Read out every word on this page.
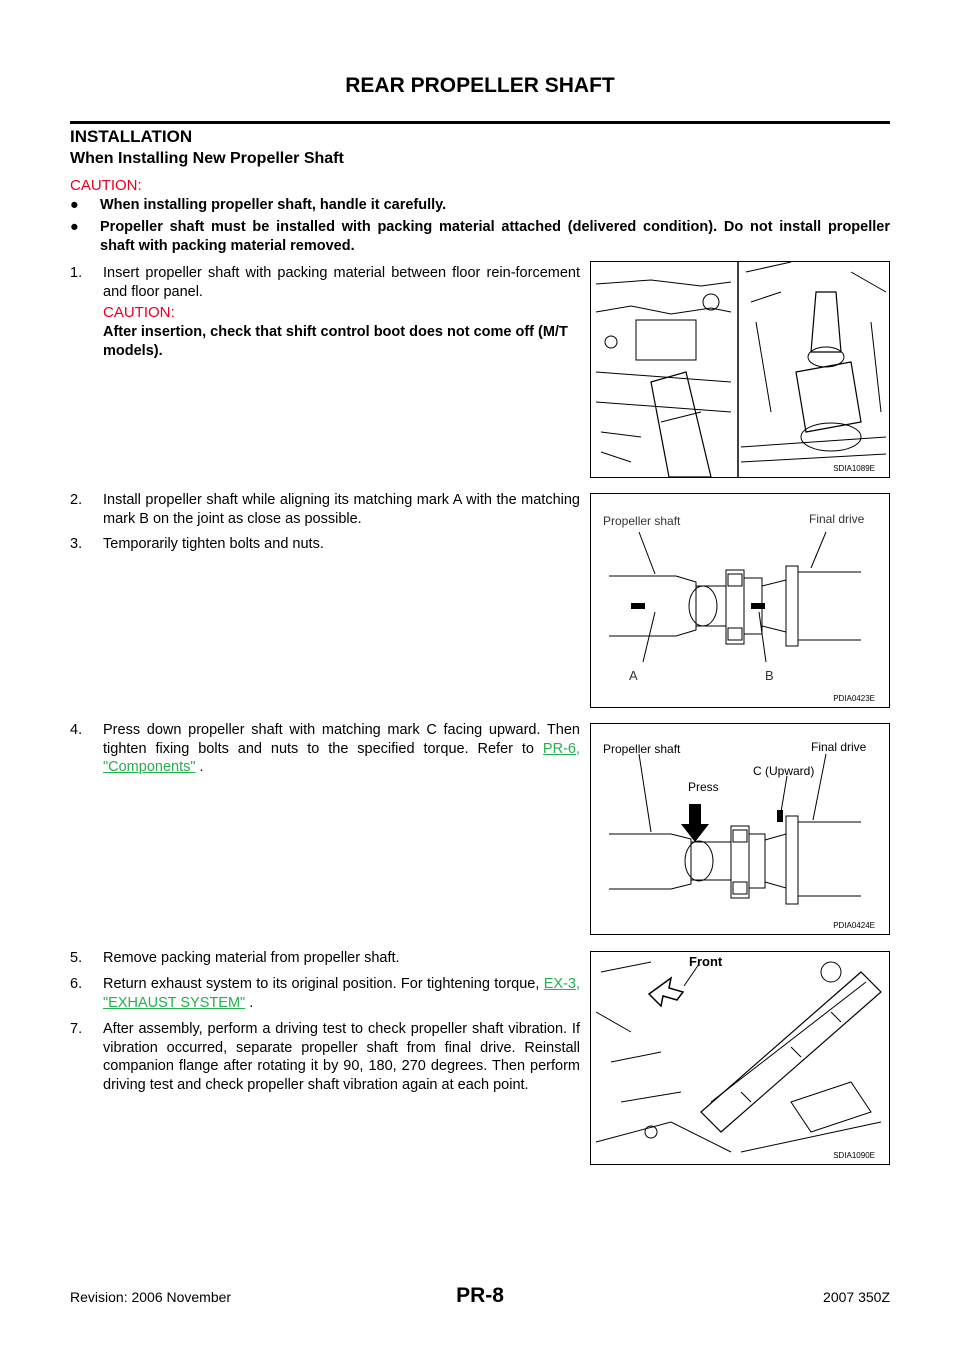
REAR PROPELLER SHAFT
INSTALLATION
When Installing New Propeller Shaft
CAUTION:
● When installing propeller shaft, handle it carefully.
● Propeller shaft must be installed with packing material attached (delivered condition). Do not install propeller shaft with packing material removed.
1. Insert propeller shaft with packing material between floor rein-forcement and floor panel.
CAUTION:
After insertion, check that shift control boot does not come off (M/T models).
SDIA1089E
2. Install propeller shaft while aligning its matching mark A with the matching mark B on the joint as close as possible.
3. Temporarily tighten bolts and nuts.
Propeller shaft	Final drive
A	B
PDIA0423E
4. Press down propeller shaft with matching mark C facing upward. Then tighten fixing bolts and nuts to the specified torque. Refer to PR-6, "Components" .
Propeller shaft	Final drive
Press
C (Upward)
PDIA0424E
5. Remove packing material from propeller shaft.
6. Return exhaust system to its original position. For tightening torque, EX-3, "EXHAUST SYSTEM" .
7. After assembly, perform a driving test to check propeller shaft vibration. If vibration occurred, separate propeller shaft from final drive. Reinstall companion flange after rotating it by 90, 180, 270 degrees. Then perform driving test and check propeller shaft vibration again at each point.
Front
SDIA1090E
Revision: 2006 November	PR-8	2007 350Z
